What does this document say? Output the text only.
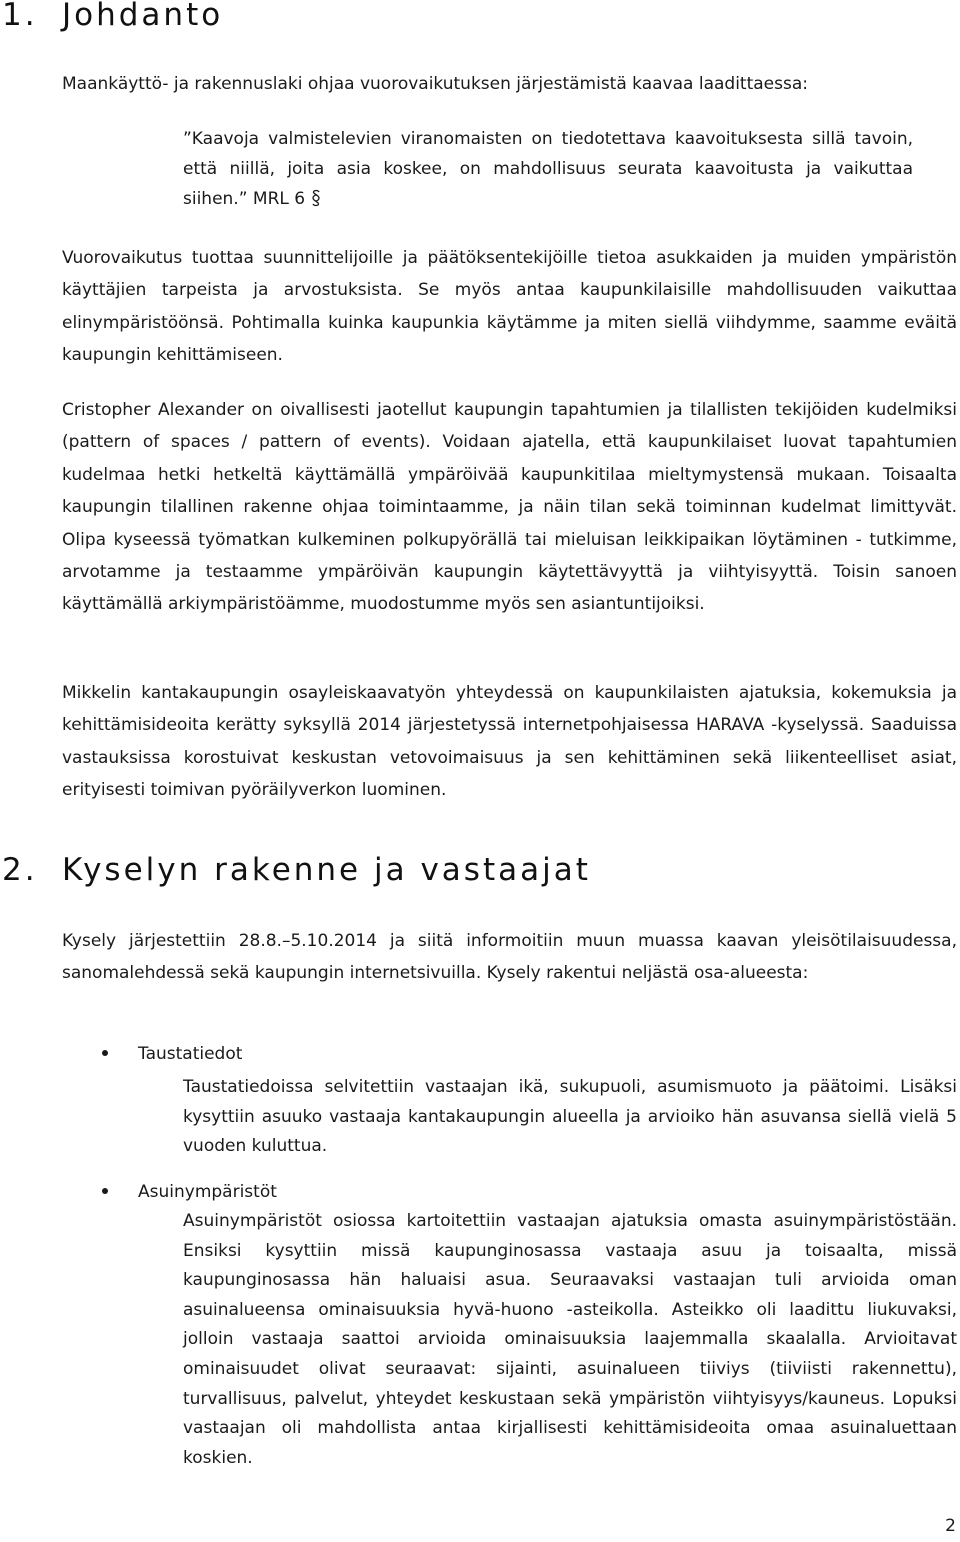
1. Johdanto

Maankäyttö- ja rakennuslaki ohjaa vuorovaikutuksen järjestämistä kaavaa laadittaessa:

”Kaavoja valmistelevien viranomaisten on tiedotettava kaavoituksesta sillä tavoin, että niillä, joita asia koskee, on mahdollisuus seurata kaavoitusta ja vaikuttaa siihen.” MRL 6

Vuorovaikutus tuottaa suunnittelijoille ja päätöksentekijöille tietoa asukkaiden ja muiden ympäristön käyttäjien tarpeista ja arvostuksista. Se myös antaa kaupunkilaisille mahdollisuuden vaikuttaa elinympäristöönsä. Pohtimalla kuinka kaupunkia käytämme ja miten siellä viihdymme, saamme eväitä kaupungin kehittämiseen.

Cristopher Alexander on oivallisesti jaotellut kaupungin tapahtumien ja tilallisten tekijöiden kudelmiksi (pattern of spaces / pattern of events). Voidaan ajatella, että kaupunkilaiset luovat tapahtumien kudelmaa hetki hetkeltä käyttämällä ympäröivää kaupunkitilaa mieltymystensä mukaan. Toisaalta kaupungin tilallinen rakenne ohjaa toimintaamme, ja näin tilan sekä toiminnan kudelmat limittyvät. Olipa kyseessä työmatkan kulkeminen polkupyörällä tai mieluisan leikkipaikan löytäminen - tutkimme, arvotamme ja testaamme ympäröivän kaupungin käytettävyyttä ja viihtyisyyttä. Toisin sanoen käyttämällä arkiympäristöämme, muodostumme myös sen asiantuntijoiksi.

Mikkelin kantakaupungin osayleiskaavatyön yhteydessä on kaupunkilaisten ajatuksia, kokemuksia ja kehittämisideoita kerätty syksyllä 2014 järjestetyssä internetpohjaisessa HARAVA -kyselyssä. Saaduissa vastauksissa korostuivat keskustan vetovoimaisuus ja sen kehittäminen sekä liikenteelliset asiat, erityisesti toimivan pyöräilyverkon luominen.

2. Kyselyn rakenne ja vastaajat

Kysely järjestettiin 28.8.–5.10.2014 ja siitä informoitiin muun muassa kaavan yleisötilaisuudessa, sanomalehdessä sekä kaupungin internetsivuilla. Kysely rakentui neljästä osa-alueesta:

Taustatiedot

Taustatiedoissa selvitettiin vastaajan ikä, sukupuoli, asumismuoto ja päätoimi. Lisäksi kysyttiin asuuko vastaaja kantakaupungin alueella ja arvioiko hän asuvansa siellä vielä 5 vuoden kuluttua.

Asuinympäristöt

Asuinympäristöt osiossa kartoitettiin vastaajan ajatuksia omasta asuinympäristöstään. Ensiksi kysyttiin missä kaupunginosassa vastaaja asuu ja toisaalta, missä kaupunginosassa hän haluaisi asua. Seuraavaksi vastaajan tuli arvioida oman asuinalueensa ominaisuuksia hyvä-huono -asteikolla. Asteikko oli laadittu liukuvaksi, jolloin vastaaja saattoi arvioida ominaisuuksia laajemmalla skaalalla. Arvioitavat ominaisuudet olivat seuraavat: sijainti, asuinalueen tiiviys (tiiviisti rakennettu), turvallisuus, palvelut, yhteydet keskustaan sekä ympäristön viihtyisyys/kauneus. Lopuksi vastaajan oli mahdollista antaa kirjallisesti kehittämisideoita omaa asuinaluettaan koskien.

2
